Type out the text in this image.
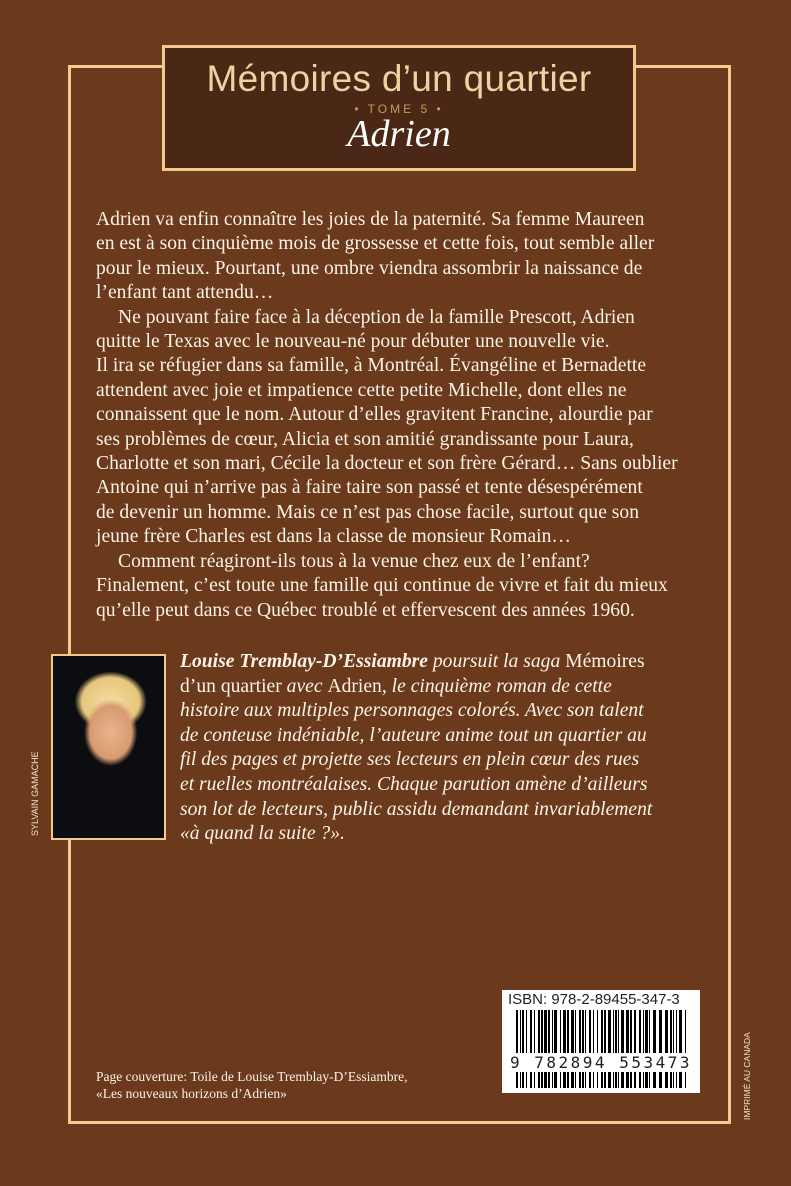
Mémoires d’un quartier
• TOME 5 •
Adrien
Adrien va enfin connaître les joies de la paternité. Sa femme Maureen
en est à son cinquième mois de grossesse et cette fois, tout semble aller
pour le mieux. Pourtant, une ombre viendra assombrir la naissance de
l’enfant tant attendu…
Ne pouvant faire face à la déception de la famille Prescott, Adrien
quitte le Texas avec le nouveau-né pour débuter une nouvelle vie.
Il ira se réfugier dans sa famille, à Montréal. Évangéline et Bernadette
attendent avec joie et impatience cette petite Michelle, dont elles ne
connaissent que le nom. Autour d’elles gravitent Francine, alourdie par
ses problèmes de cœur, Alicia et son amitié grandissante pour Laura,
Charlotte et son mari, Cécile la docteur et son frère Gérard… Sans oublier
Antoine qui n’arrive pas à faire taire son passé et tente désespérément
de devenir un homme. Mais ce n’est pas chose facile, surtout que son
jeune frère Charles est dans la classe de monsieur Romain…
Comment réagiront-ils tous à la venue chez eux de l’enfant?
Finalement, c’est toute une famille qui continue de vivre et fait du mieux
qu’elle peut dans ce Québec troublé et effervescent des années 1960.
SYLVAIN GAMACHE
Louise Tremblay-D’Essiambre poursuit la saga Mémoires
d’un quartier avec Adrien, le cinquième roman de cette
histoire aux multiples personnages colorés. Avec son talent
de conteuse indéniable, l’auteure anime tout un quartier au
fil des pages et projette ses lecteurs en plein cœur des rues
et ruelles montréalaises. Chaque parution amène d’ailleurs
son lot de lecteurs, public assidu demandant invariablement
«à quand la suite ?».
Page couverture: Toile de Louise Tremblay-D’Essiambre,
«Les nouveaux horizons d’Adrien»
ISBN: 978-2-89455-347-3
9 782894 553473	IMPRIMÉ AU CANADA
